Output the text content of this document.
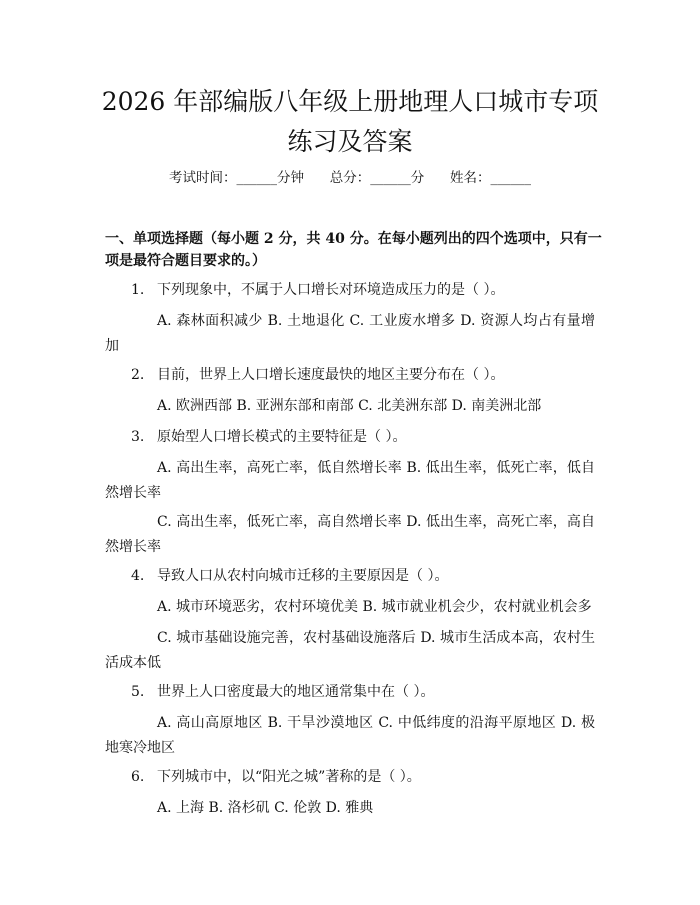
2026 年部编版八年级上册地理人口城市专项
练习及答案
考试时间：______分钟      总分：______分      姓名：______
一、单项选择题（每小题 2 分，共 40 分。在每小题列出的四个选项中，只有一项是最符合题目要求的。）
1. 下列现象中，不属于人口增长对环境造成压力的是（ ）。
A. 森林面积减少 B. 土地退化 C. 工业废水增多 D. 资源人均占有量增加
2. 目前，世界上人口增长速度最快的地区主要分布在（ ）。
A. 欧洲西部 B. 亚洲东部和南部 C. 北美洲东部 D. 南美洲北部
3. 原始型人口增长模式的主要特征是（ ）。
A. 高出生率，高死亡率，低自然增长率 B. 低出生率，低死亡率，低自然增长率
C. 高出生率，低死亡率，高自然增长率 D. 低出生率，高死亡率，高自然增长率
4. 导致人口从农村向城市迁移的主要原因是（ ）。
A. 城市环境恶劣，农村环境优美 B. 城市就业机会少，农村就业机会多
C. 城市基础设施完善，农村基础设施落后 D. 城市生活成本高，农村生活成本低
5. 世界上人口密度最大的地区通常集中在（ ）。
A. 高山高原地区 B. 干旱沙漠地区 C. 中低纬度的沿海平原地区 D. 极地寒冷地区
6. 下列城市中，以“阳光之城”著称的是（ ）。
A. 上海 B. 洛杉矶 C. 伦敦 D. 雅典
